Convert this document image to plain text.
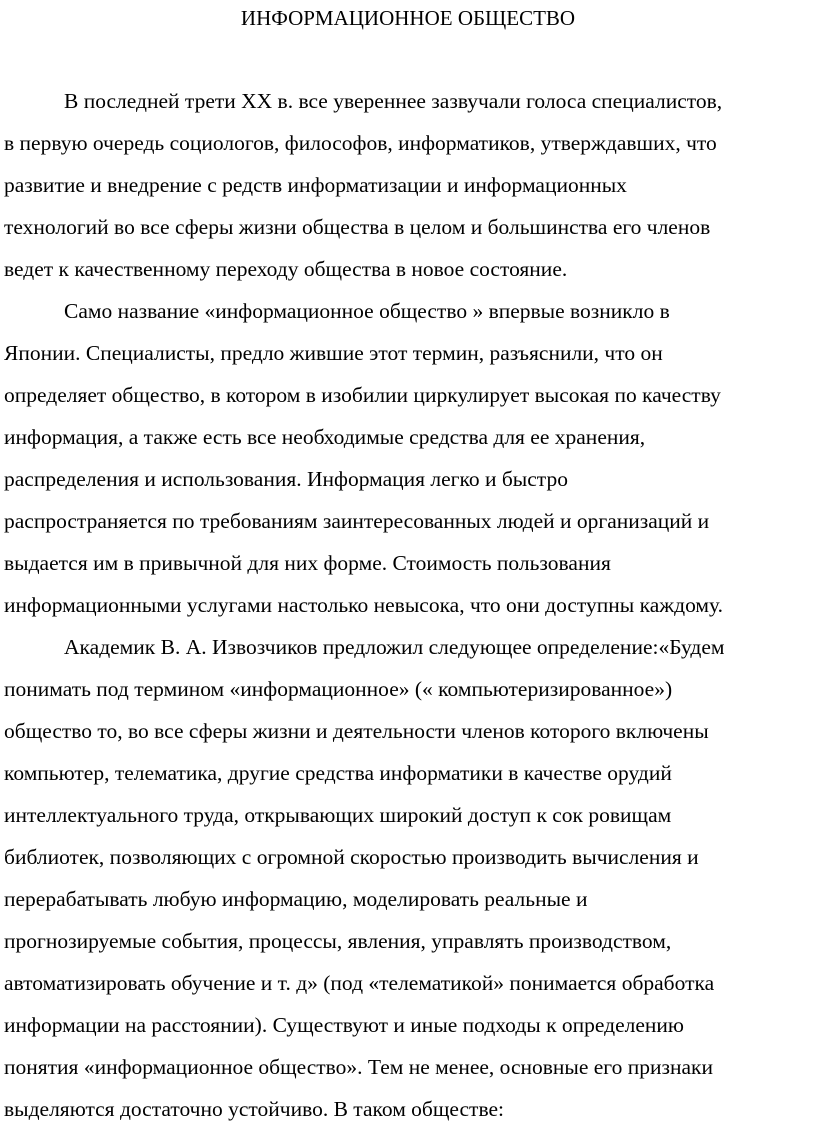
ИНФОРМАЦИОННОЕ ОБЩЕСТВО
В последней трети XX в. все увереннее зазвучали голоса специалистов,
в первую очередь социологов, философов, информатиков, утверждавших, что
развитие и внедрение с редств информатизации и информационных
технологий во все сферы жизни общества в целом и большинства его членов
ведет к качественному переходу общества в новое состояние.
Само название «информационное общество » впервые возникло в
Японии. Специалисты, предло жившие этот термин, разъяснили, что он
определяет общество, в котором в изобилии циркулирует высокая по качеству
информация, а также есть все необходимые средства для ее хранения,
распределения и использования. Информация легко и быстро
распространяется по требованиям заинтересованных людей и организаций и
выдается им в привычной для них форме. Стоимость пользования
информационными услугами настолько невысока, что они доступны каждому.
Академик В. А. Извозчиков предложил следующее определение:«Будем
понимать под термином «информационное» (« компьютеризированное»)
общество то, во все сферы жизни и деятельности членов которого включены
компьютер, телематика, другие средства информатики в качестве орудий
интеллектуального труда, открывающих широкий доступ к сок ровищам
библиотек, позволяющих с огромной скоростью производить вычисления и
перерабатывать любую информацию, моделировать реальные и
прогнозируемые события, процессы, явления, управлять производством,
автоматизировать обучение и т. д» (под «телематикой» понимается обработка
информации на расстоянии). Существуют и иные подходы к определению
понятия «информационное общество». Тем не менее, основные его признаки
выделяются достаточно устойчиво. В таком обществе:
